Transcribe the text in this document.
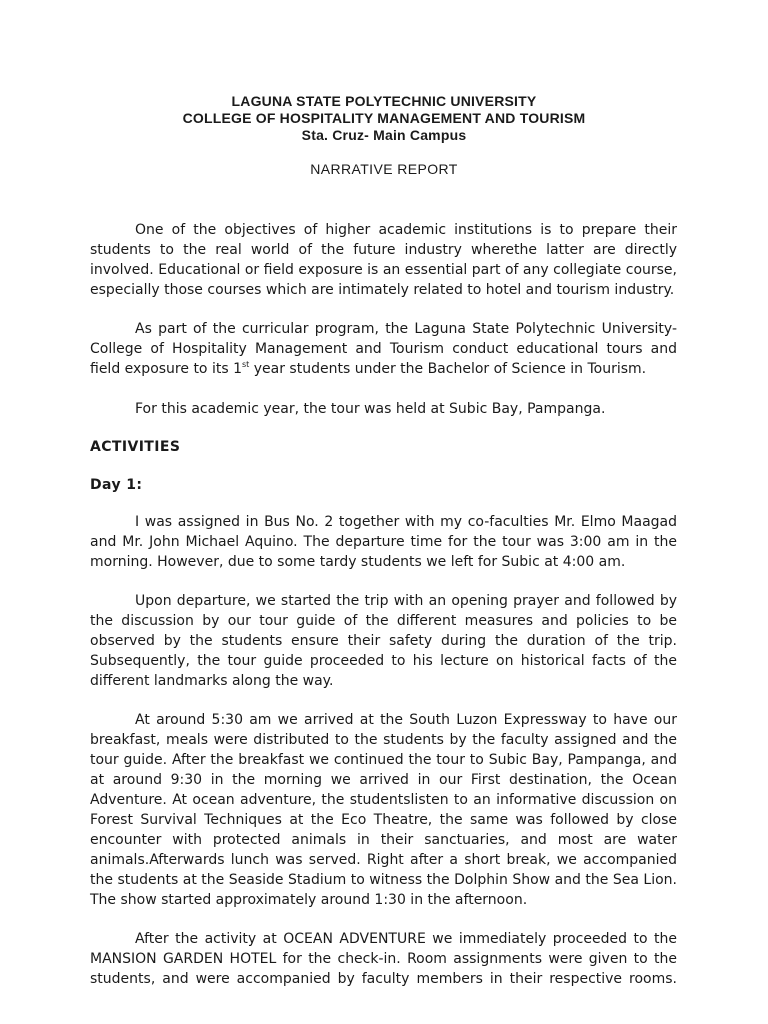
LAGUNA STATE POLYTECHNIC UNIVERSITY
COLLEGE OF HOSPITALITY MANAGEMENT AND TOURISM
Sta. Cruz- Main Campus
NARRATIVE REPORT

One of the objectives of higher academic institutions is to prepare their students to the real world of the future industry wherethe latter are directly involved. Educational or field exposure is an essential part of any collegiate course, especially those courses which are intimately related to hotel and tourism industry.

As part of the curricular program, the Laguna State Polytechnic University-College of Hospitality Management and Tourism conduct educational tours and field exposure to its 1st year students under the Bachelor of Science in Tourism.

For this academic year, the tour was held at Subic Bay, Pampanga.

ACTIVITIES
Day 1:

I was assigned in Bus No. 2 together with my co-faculties Mr. Elmo Maagad and Mr. John Michael Aquino. The departure time for the tour was 3:00 am in the morning. However, due to some tardy students we left for Subic at 4:00 am.

Upon departure, we started the trip with an opening prayer and followed by the discussion by our tour guide of the different measures and policies to be observed by the students ensure their safety during the duration of the trip. Subsequently, the tour guide proceeded to his lecture on historical facts of the different landmarks along the way.

At around 5:30 am we arrived at the South Luzon Expressway to have our breakfast, meals were distributed to the students by the faculty assigned and the tour guide. After the breakfast we continued the tour to Subic Bay, Pampanga, and at around 9:30 in the morning we arrived in our First destination, the Ocean Adventure. At ocean adventure, the studentslisten to an informative discussion on Forest Survival Techniques at the Eco Theatre, the same was followed by close encounter with protected animals in their sanctuaries, and most are water animals.Afterwards lunch was served. Right after a short break, we accompanied the students at the Seaside Stadium to witness the Dolphin Show and the Sea Lion. The show started approximately around 1:30 in the afternoon.

After the activity at OCEAN ADVENTURE we immediately proceeded to the MANSION GARDEN HOTEL for the check-in. Room assignments were given to the students, and were accompanied by faculty members in their respective rooms.
